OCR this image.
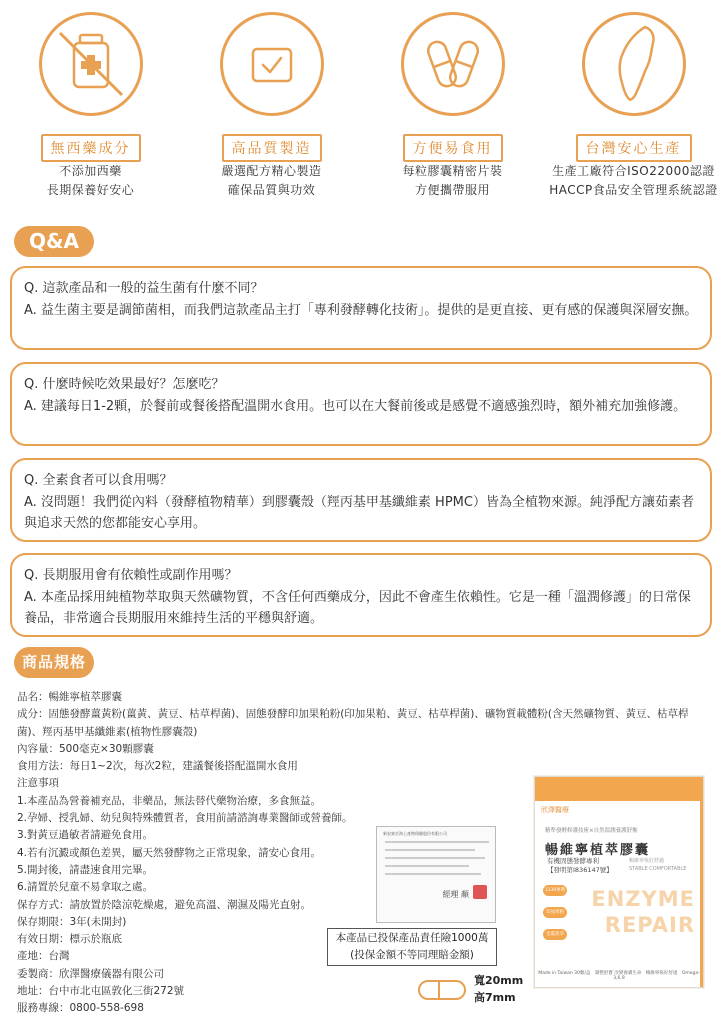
無西藥成分
不添加西藥
長期保養好安心
高品質製造
嚴選配方精心製造
確保品質與功效
方便易食用
每粒膠囊精密片裝
方便攜帶服用
台灣安心生產
生產工廠符合ISO22000認證
HACCP食品安全管理系統認證
Q&A
Q. 這款產品和一般的益生菌有什麼不同？
A. 益生菌主要是調節菌相，而我們這款產品主打「專利發酵轉化技術」。提供的是更直接、更有感的保護與深層安撫。
Q. 什麼時候吃效果最好？怎麼吃？
A. 建議每日1-2顆，於餐前或餐後搭配溫開水食用。也可以在大餐前後或是感覺不適感強烈時，額外補充加強修護。
Q. 全素食者可以食用嗎？
A. 沒問題！我們從內料（發酵植物精華）到膠囊殼（羥丙基甲基纖維素 HPMC）皆為全植物來源。純淨配方讓茹素者與追求天然的您都能安心享用。
Q. 長期服用會有依賴性或副作用嗎？
A. 本產品採用純植物萃取與天然礦物質，不含任何西藥成分，因此不會產生依賴性。它是一種「溫潤修護」的日常保養品，非常適合長期服用來維持生活的平穩與舒適。
商品規格
品名：暢維寧植萃膠囊
成分：固態發酵薑黃粉(薑黃、黃豆、枯草桿菌)、固態發酵印加果粕粉(印加果粕、黃豆、枯草桿菌)、礦物質載體粉(含天然礦物質、黃豆、枯草桿菌)、羥丙基甲基纖維素(植物性膠囊殼)
內容量：500毫克×30顆膠囊
食用方法：每日1~2次，每次2粒，建議餐後搭配溫開水食用
注意事項
1.本產品為營養補充品，非藥品，無法替代藥物治療，多食無益。
2.孕婦、授乳婦、幼兒與特殊體質者，食用前請諮詢專業醫師或營養師。
3.對黃豆過敏者請避免食用。
4.若有沉澱或顏色差異，屬天然發酵物之正常現象，請安心食用。
5.開封後，請盡速食用完畢。
6.請置於兒童不易拿取之處。
保存方式：請放置於陰涼乾燥處，避免高溫、潮濕及陽光直射。
保存期限：3年(未開封)
有效日期：標示於瓶底
產地：台灣
委製商：欣澤醫療儀器有限公司
地址：台中市北屯區敦化三街272號
服務專線：0800-558-698
新安東京海上產物保險股份有限公司
經理 顏
本產品已投保產品責任險1000萬
(投保金額不等同理賠金額)
寬20mm
高7mm
欣澤醫療
精準發酵修護技術×自然溫潤養護舒衡
暢維寧植萃膠囊
有機固態發酵專利
【發明第I836147號】
暢維寧恢好舒適
STABLE COMFORTABLE
1130專利
印加果粕
金薑黃萃
ENZYME
REPAIR
Made in Taiwan 30顆/盒　調整舒寶 改變養膚生命　暢維寧恢好舒適　Omega-3,6,9
